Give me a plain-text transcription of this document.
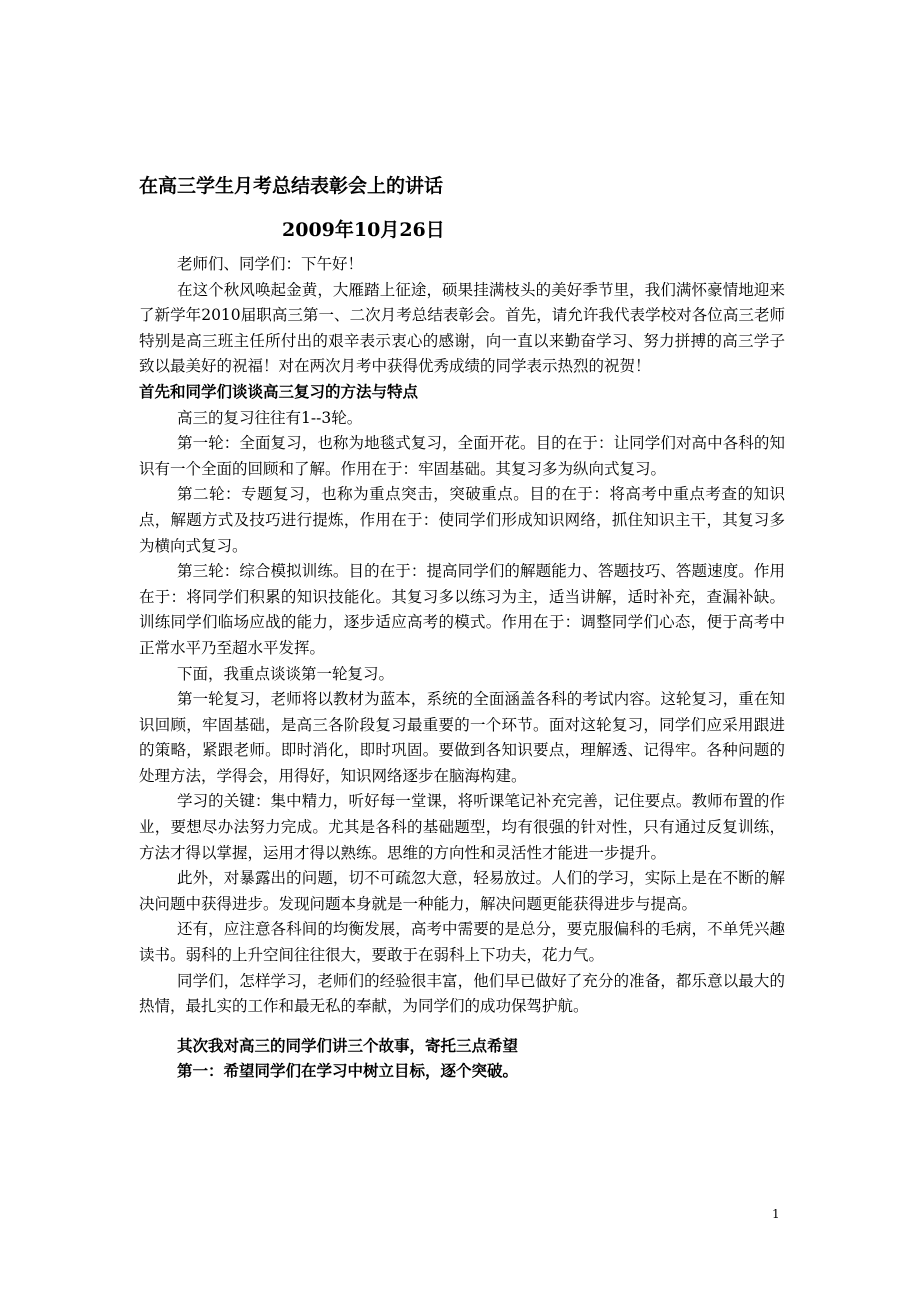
在高三学生月考总结表彰会上的讲话
2009年10月26日

老师们、同学们：下午好！

在这个秋风唤起金黄，大雁踏上征途，硕果挂满枝头的美好季节里，我们满怀豪情地迎来了新学年2010届职高三第一、二次月考总结表彰会。首先，请允许我代表学校对各位高三老师特别是高三班主任所付出的艰辛表示衷心的感谢，向一直以来勤奋学习、努力拼搏的高三学子致以最美好的祝福！对在两次月考中获得优秀成绩的同学表示热烈的祝贺！

首先和同学们谈谈高三复习的方法与特点

高三的复习往往有1--3轮。

第一轮：全面复习，也称为地毯式复习，全面开花。目的在于：让同学们对高中各科的知识有一个全面的回顾和了解。作用在于：牢固基础。其复习多为纵向式复习。

第二轮：专题复习，也称为重点突击，突破重点。目的在于：将高考中重点考查的知识点，解题方式及技巧进行提炼，作用在于：使同学们形成知识网络，抓住知识主干，其复习多为横向式复习。

第三轮：综合模拟训练。目的在于：提高同学们的解题能力、答题技巧、答题速度。作用在于：将同学们积累的知识技能化。其复习多以练习为主，适当讲解，适时补充，查漏补缺。训练同学们临场应战的能力，逐步适应高考的模式。作用在于：调整同学们心态，便于高考中正常水平乃至超水平发挥。

下面，我重点谈谈第一轮复习。

第一轮复习，老师将以教材为蓝本，系统的全面涵盖各科的考试内容。这轮复习，重在知识回顾，牢固基础，是高三各阶段复习最重要的一个环节。面对这轮复习，同学们应采用跟进的策略，紧跟老师。即时消化，即时巩固。要做到各知识要点，理解透、记得牢。各种问题的处理方法，学得会，用得好，知识网络逐步在脑海构建。

学习的关键：集中精力，听好每一堂课，将听课笔记补充完善，记住要点。教师布置的作业，要想尽办法努力完成。尤其是各科的基础题型，均有很强的针对性，只有通过反复训练，方法才得以掌握，运用才得以熟练。思维的方向性和灵活性才能进一步提升。

此外，对暴露出的问题，切不可疏忽大意，轻易放过。人们的学习，实际上是在不断的解决问题中获得进步。发现问题本身就是一种能力，解决问题更能获得进步与提高。

还有，应注意各科间的均衡发展，高考中需要的是总分，要克服偏科的毛病，不单凭兴趣读书。弱科的上升空间往往很大，要敢于在弱科上下功夫，花力气。

同学们，怎样学习，老师们的经验很丰富，他们早已做好了充分的准备，都乐意以最大的热情，最扎实的工作和最无私的奉献，为同学们的成功保驾护航。

其次我对高三的同学们讲三个故事，寄托三点希望
第一：希望同学们在学习中树立目标，逐个突破。
1
